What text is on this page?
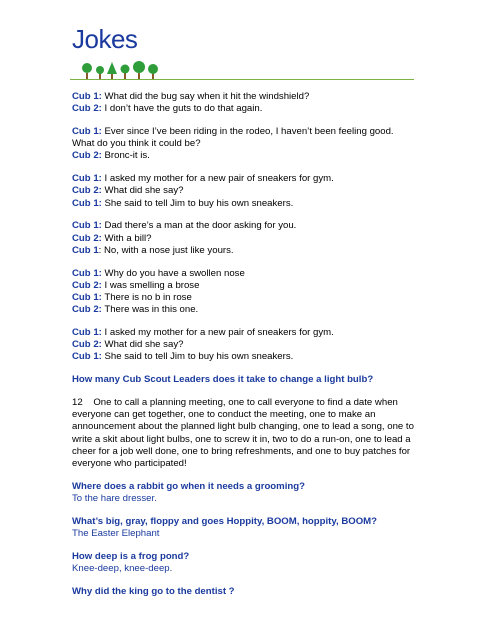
Jokes
Cub 1: What did the bug say when it hit the windshield?
Cub 2: I don’t have the guts to do that again.
Cub 1: Ever since I’ve been riding in the rodeo, I haven’t been feeling good.
What do you think it could be?
Cub 2: Bronc-it is.
Cub 1: I asked my mother for a new pair of sneakers for gym.
Cub 2: What did she say?
Cub 1: She said to tell Jim to buy his own sneakers.
Cub 1: Dad there’s a man at the door asking for you.
Cub 2: With a bill?
Cub 1: No, with a nose just like yours.
Cub 1: Why do you have a swollen nose
Cub 2: I was smelling a brose
Cub 1: There is no b in rose
Cub 2: There was in this one.
Cub 1: I asked my mother for a new pair of sneakers for gym.
Cub 2: What did she say?
Cub 1: She said to tell Jim to buy his own sneakers.
How many Cub Scout Leaders does it take to change a light bulb?
12    One to call a planning meeting, one to call everyone to find a date when everyone can get together, one to conduct the meeting, one to make an announcement about the planned light bulb changing, one to lead a song, one to write a skit about light bulbs, one to screw it in, two to do a run-on, one to lead a cheer for a job well done, one to bring refreshments, and one to buy patches for everyone who participated!
Where does a rabbit go when it needs a grooming?
To the hare dresser.
What’s big, gray, floppy and goes Hoppity, BOOM, hoppity, BOOM?
The Easter Elephant
How deep is a frog pond?
Knee-deep, knee-deep.
Why did the king go to the dentist ?
